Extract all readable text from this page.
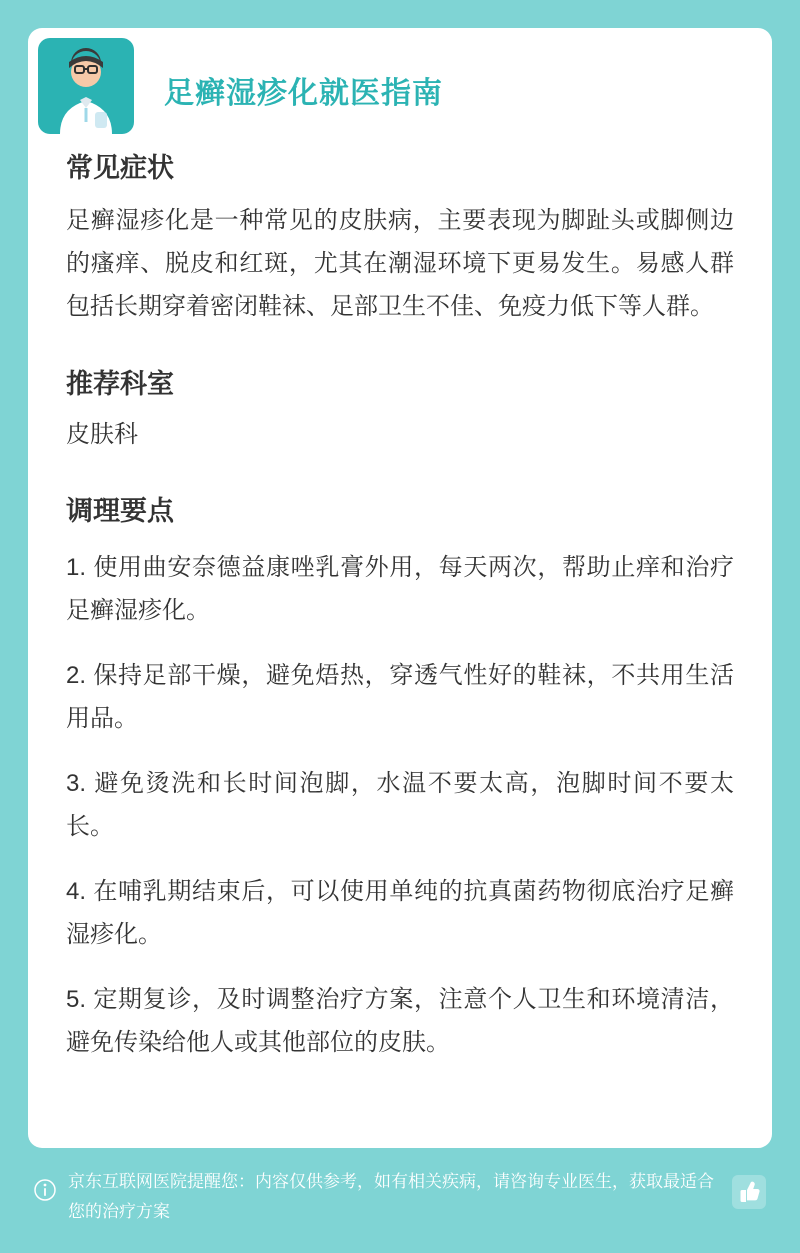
足癣湿疹化就医指南
常见症状

足癣湿疹化是一种常见的皮肤病，主要表现为脚趾头或脚侧边的瘙痒、脱皮和红斑，尤其在潮湿环境下更易发生。易感人群包括长期穿着密闭鞋袜、足部卫生不佳、免疫力低下等人群。

推荐科室

皮肤科

调理要点

1. 使用曲安奈德益康唑乳膏外用，每天两次，帮助止痒和治疗足癣湿疹化。

2. 保持足部干燥，避免焐热，穿透气性好的鞋袜，不共用生活用品。

3. 避免烫洗和长时间泡脚，水温不要太高，泡脚时间不要太长。

4. 在哺乳期结束后，可以使用单纯的抗真菌药物彻底治疗足癣湿疹化。

5. 定期复诊，及时调整治疗方案，注意个人卫生和环境清洁，避免传染给他人或其他部位的皮肤。

京东互联网医院提醒您：内容仅供参考，如有相关疾病，请咨询专业医生，获取最适合您的治疗方案
